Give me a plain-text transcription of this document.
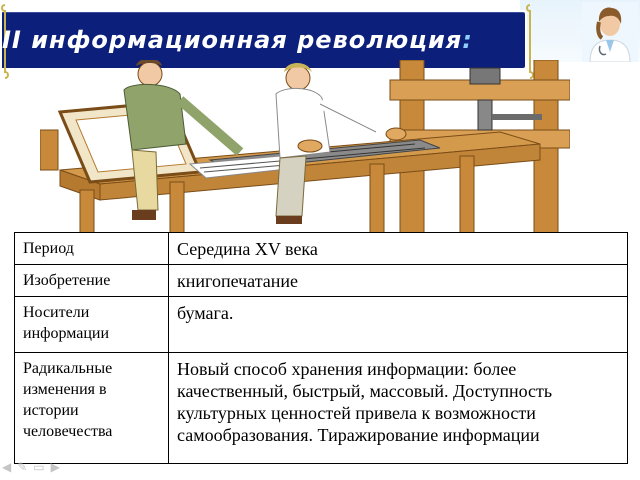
II информационная революция:
Период	Середина XV века
Изобретение	книгопечатание
Носители информации	бумага.
Радикальные изменения в истории человечества	Новый способ хранения информации: более качественный, быстрый, массовый. Доступность культурных ценностей привела к возможности самообразования. Тиражирование информации
◀ ✎ ▭ ▶
